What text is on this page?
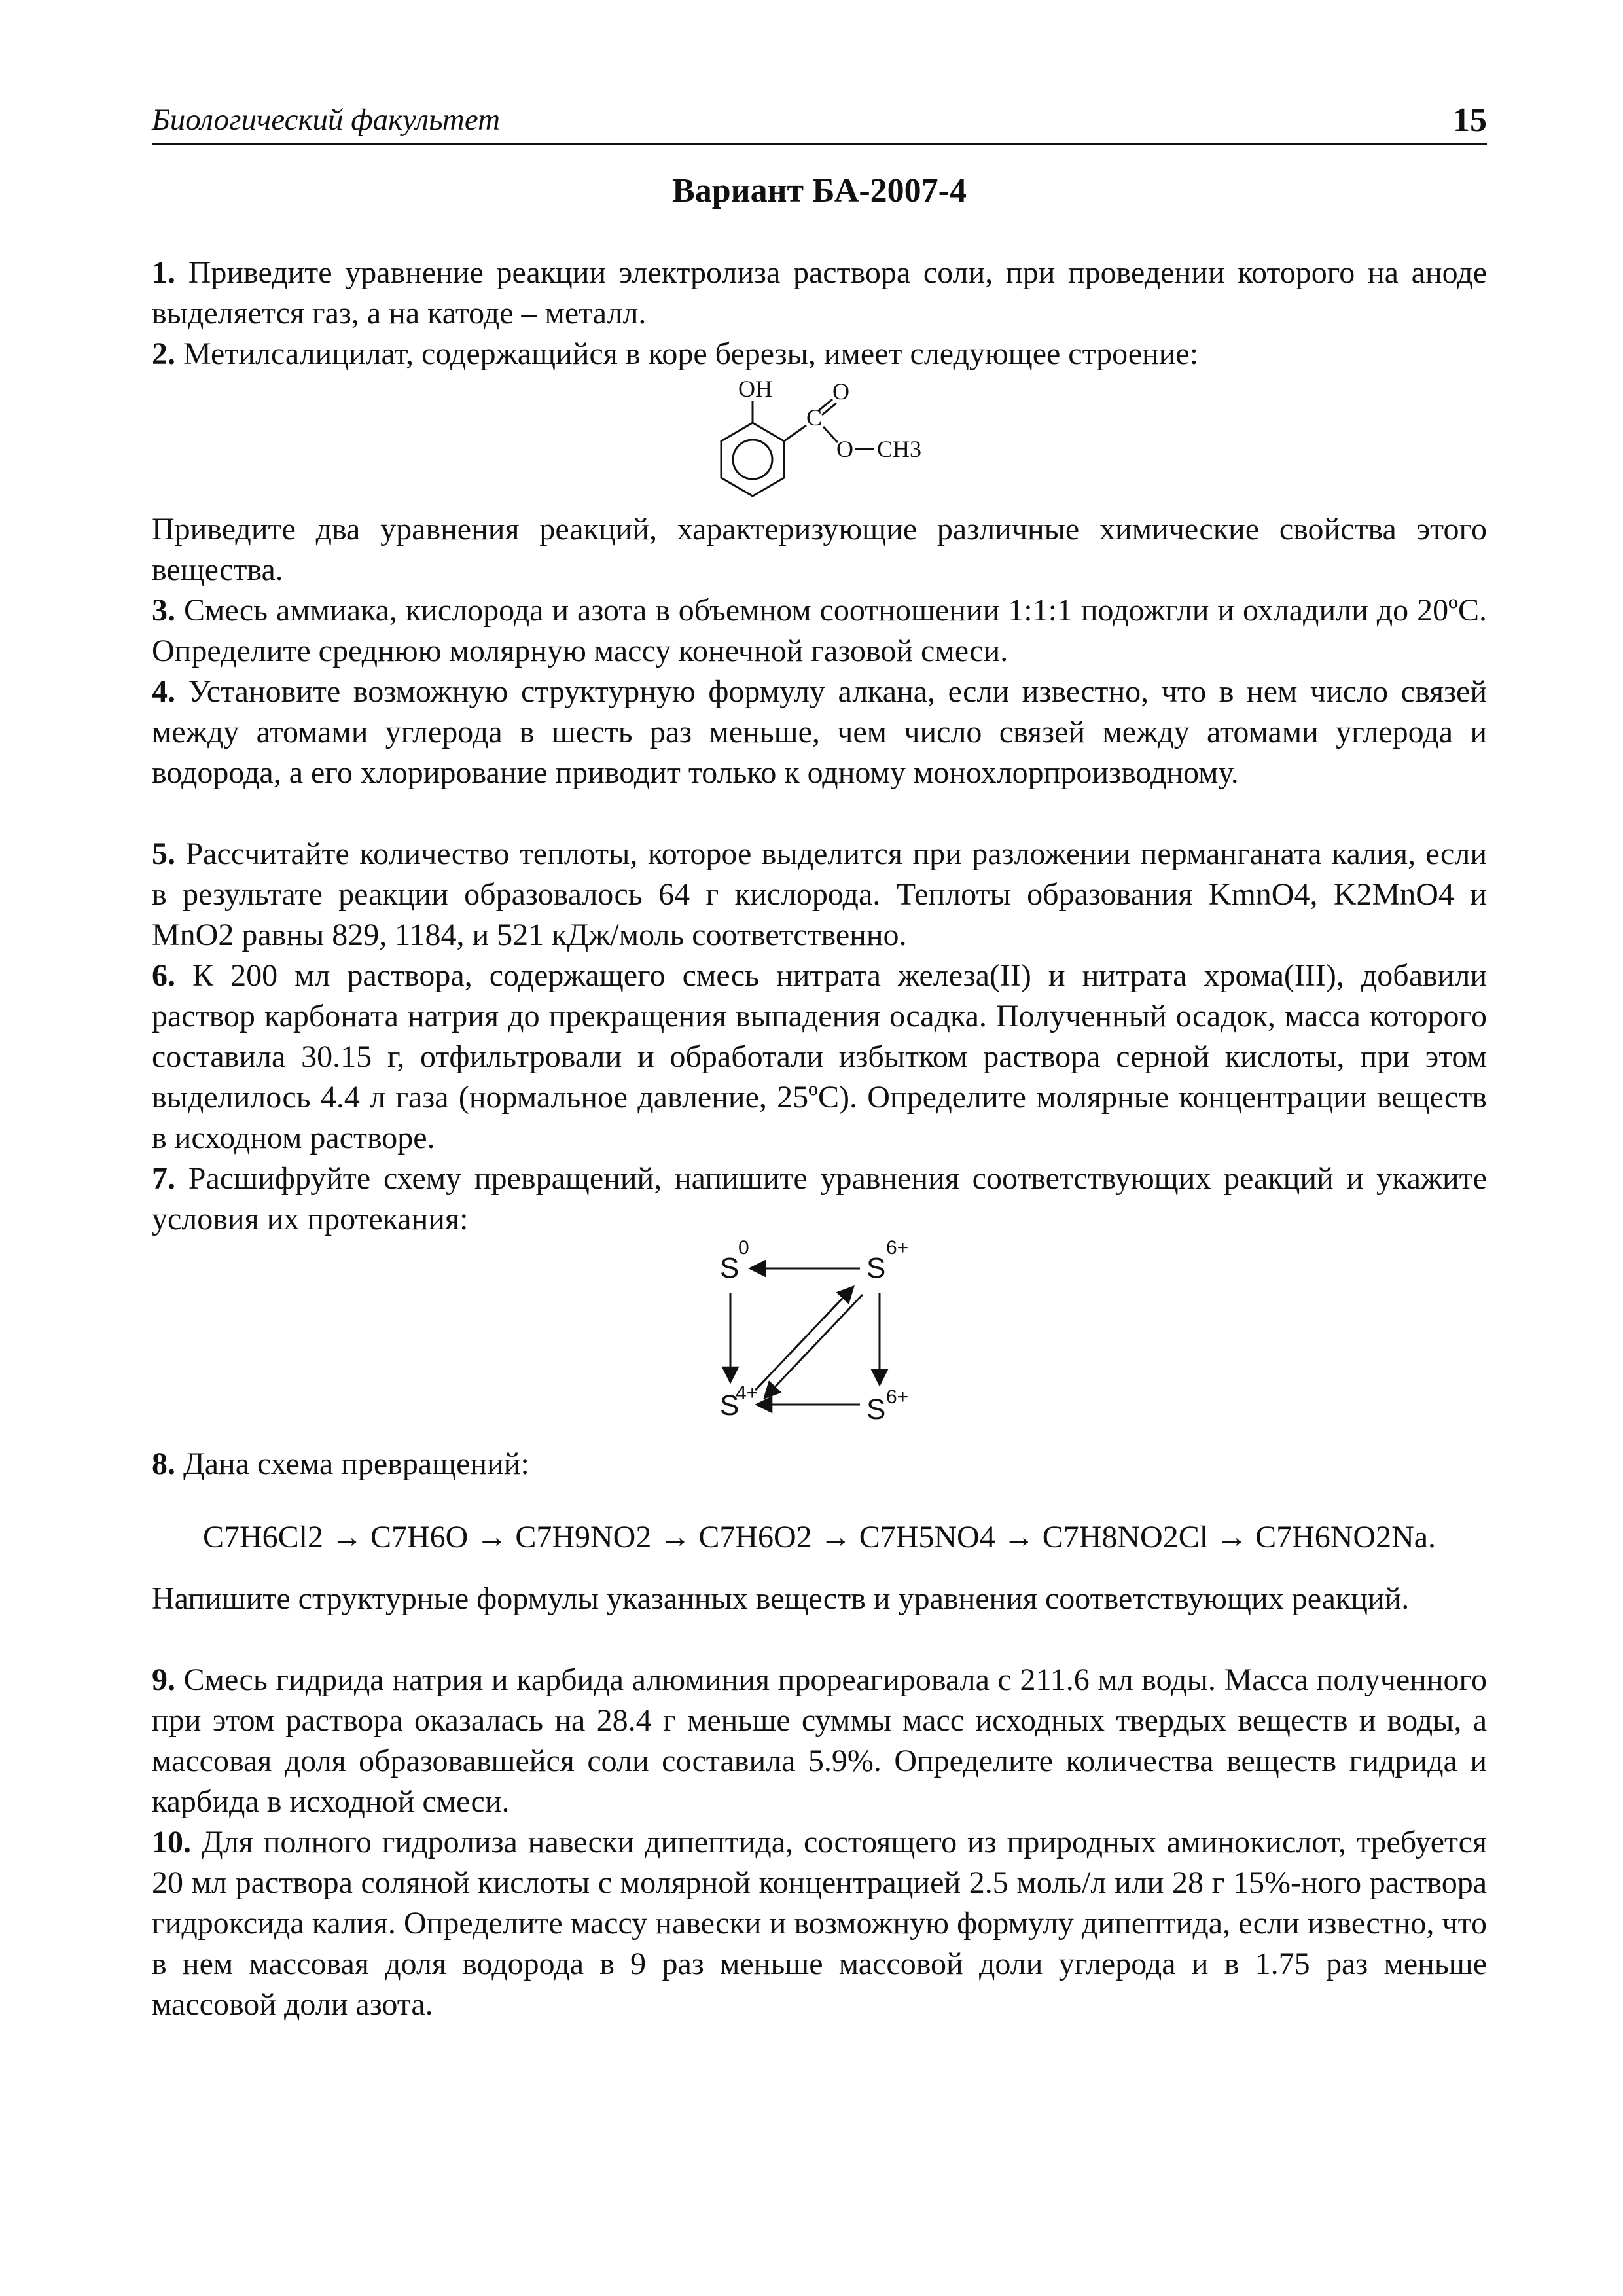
Биологический факультет	15
Вариант БА-2007-4
1. Приведите уравнение реакции электролиза раствора соли, при проведении которого на аноде выделяется газ, а на катоде – металл.
2. Метилсалицилат, содержащийся в коре березы, имеет следующее строение:
OH
C
O
O CH3
Приведите два уравнения реакций, характеризующие различные химические свойства этого вещества.
3. Смесь аммиака, кислорода и азота в объемном соотношении 1:1:1 подожгли и охладили до 20ºС. Определите среднюю молярную массу конечной газовой смеси.
4. Установите возможную структурную формулу алкана, если известно, что в нем число связей между атомами углерода в шесть раз меньше, чем число связей между атомами углерода и водорода, а его хлорирование приводит только к одному монохлорпроизводному.
5. Рассчитайте количество теплоты, которое выделится при разложении перманганата калия, если в результате реакции образовалось 64 г кислорода. Теплоты образования KmnO4, K2MnO4 и MnO2 равны 829, 1184, и 521 кДж/моль соответственно.
6. К 200 мл раствора, содержащего смесь нитрата железа(II) и нитрата хрома(III), добавили раствор карбоната натрия до прекращения выпадения осадка. Полученный осадок, масса которого составила 30.15 г, отфильтровали и обработали избытком раствора серной кислоты, при этом выделилось 4.4 л газа (нормальное давление, 25ºС). Определите молярные концентрации веществ в исходном растворе.
7. Расшифруйте схему превращений, напишите уравнения соответствующих реакций и укажите условия их протекания:
S
0
S
6+
S
4+
S 6+
8. Дана схема превращений:
C7H6Cl2 → C7H6O → C7H9NO2 → C7H6O2 → C7H5NO4 → C7H8NO2Cl → C7H6NO2Na.
Напишите структурные формулы указанных веществ и уравнения соответствующих реакций.
9. Смесь гидрида натрия и карбида алюминия прореагировала с 211.6 мл воды. Масса полученного при этом раствора оказалась на 28.4 г меньше суммы масс исходных твердых веществ и воды, а массовая доля образовавшейся соли составила 5.9%. Определите количества веществ гидрида и карбида в исходной смеси.
10. Для полного гидролиза навески дипептида, состоящего из природных аминокислот, требуется 20 мл раствора соляной кислоты с молярной концентрацией 2.5 моль/л или 28 г 15%-ного раствора гидроксида калия. Определите массу навески и возможную формулу дипептида, если известно, что в нем массовая доля водорода в 9 раз меньше массовой доли углерода и в 1.75 раз меньше массовой доли азота.
